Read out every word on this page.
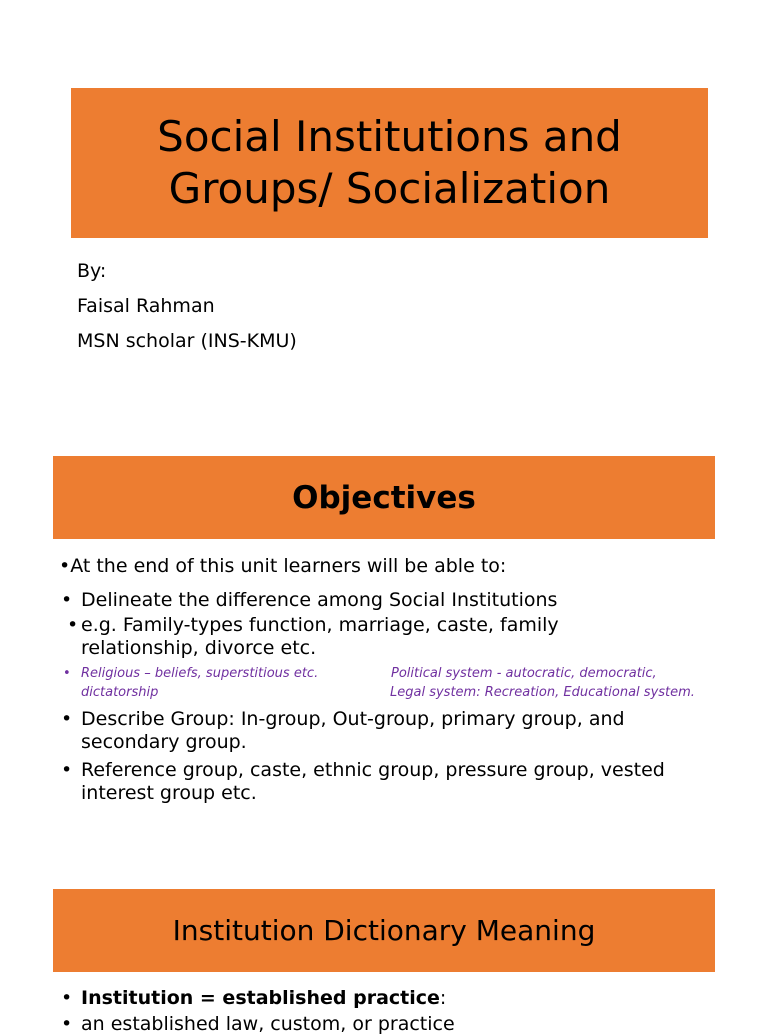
Social Institutions and
Groups/ Socialization
By:
Faisal Rahman
MSN scholar (INS-KMU)
Objectives
•At the end of this unit learners will be able to:
• Delineate the difference among Social Institutions
• e.g. Family-types function, marriage, caste, family
relationship, divorce etc.
• Religious – beliefs, superstitious etc.	Political system - autocratic, democratic,
dictatorship	Legal system: Recreation, Educational system.
• Describe Group: In-group, Out-group, primary group, and
secondary group.
• Reference group, caste, ethnic group, pressure group, vested
interest group etc.
Institution Dictionary Meaning
• Institution = established practice:
• an established law, custom, or practice
